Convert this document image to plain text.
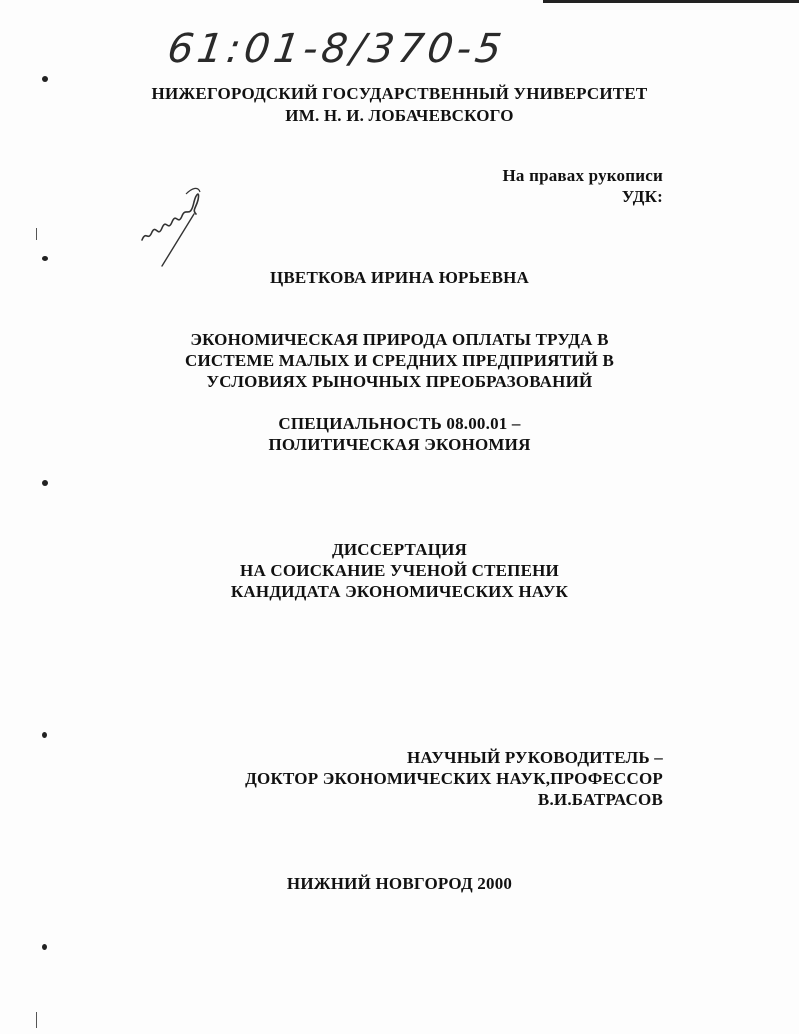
61:01-8/370-5
НИЖЕГОРОДСКИЙ ГОСУДАРСТВЕННЫЙ УНИВЕРСИТЕТ
ИМ. Н. И. ЛОБАЧЕВСКОГО
На правах рукописи
УДК:
ЦВЕТКОВА ИРИНА ЮРЬЕВНА
ЭКОНОМИЧЕСКАЯ ПРИРОДА ОПЛАТЫ ТРУДА В
СИСТЕМЕ МАЛЫХ И СРЕДНИХ ПРЕДПРИЯТИЙ В
УСЛОВИЯХ РЫНОЧНЫХ ПРЕОБРАЗОВАНИЙ
СПЕЦИАЛЬНОСТЬ 08.00.01 –
ПОЛИТИЧЕСКАЯ ЭКОНОМИЯ
ДИССЕРТАЦИЯ
НА СОИСКАНИЕ УЧЕНОЙ СТЕПЕНИ
КАНДИДАТА ЭКОНОМИЧЕСКИХ НАУК
НАУЧНЫЙ РУКОВОДИТЕЛЬ –
ДОКТОР ЭКОНОМИЧЕСКИХ НАУК,ПРОФЕССОР
В.И.БАТРАСОВ
НИЖНИЙ НОВГОРОД 2000
